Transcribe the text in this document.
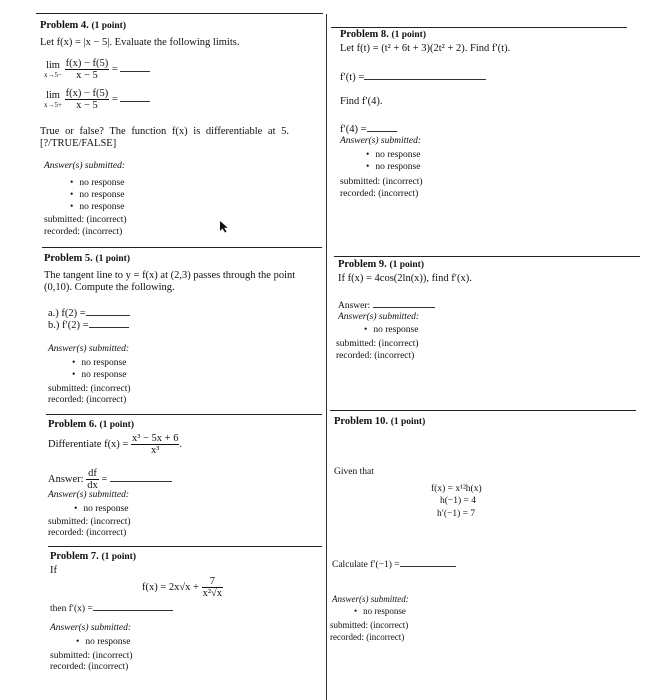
Problem 4. (1 point)
Let f(x) = |x − 5|. Evaluate the following limits.
lim
x→5−
$\frac{f(x) - f(5)}{x - 5}$ =
lim
x→5+
$\frac{f(x) - f(5)}{x - 5}$ =
True or false? The function f(x) is differentiable at 5.
[?/TRUE/FALSE]
Answer(s) submitted:
• no response
• no response
• no response
submitted: (incorrect)
recorded: (incorrect)
Problem 5. (1 point)
The tangent line to y = f(x) at (2,3) passes through the point
(0,10). Compute the following.
a.) f(2) =
b.) f′(2) =
Answer(s) submitted:
• no response
• no response
submitted: (incorrect)
recorded: (incorrect)
Problem 6. (1 point)
Differentiate $f(x) = \frac{\text{x³ − 5x + 6}}{\text{x³}}$ .
Answer: $\frac{df}{dx}$ =
Answer(s) submitted:
• no response
submitted: (incorrect)
recorded: (incorrect)
Problem 7. (1 point)
If
$f(x) = 2x√x + \frac{7}{\text{x²√x}}$
then f′(x) =
Answer(s) submitted:
• no response
submitted: (incorrect)
recorded: (incorrect)
Problem 8. (1 point)
Let f(t) = (t² + 6t + 3)(2t² + 2). Find f′(t).
f′(t) =
Find f′(4).
f′(4) =
Answer(s) submitted:
• no response
• no response
submitted: (incorrect)
recorded: (incorrect)
Problem 9. (1 point)
If f(x) = 4cos(2ln(x)), find f′(x).
Answer:
Answer(s) submitted:
• no response
submitted: (incorrect)
recorded: (incorrect)
Problem 10. (1 point)
Given that
f(x) = x¹²h(x)
h(−1) = 4
h′(−1) = 7
Calculate f′(−1) =
Answer(s) submitted:
• no response
submitted: (incorrect)
recorded: (incorrect)
